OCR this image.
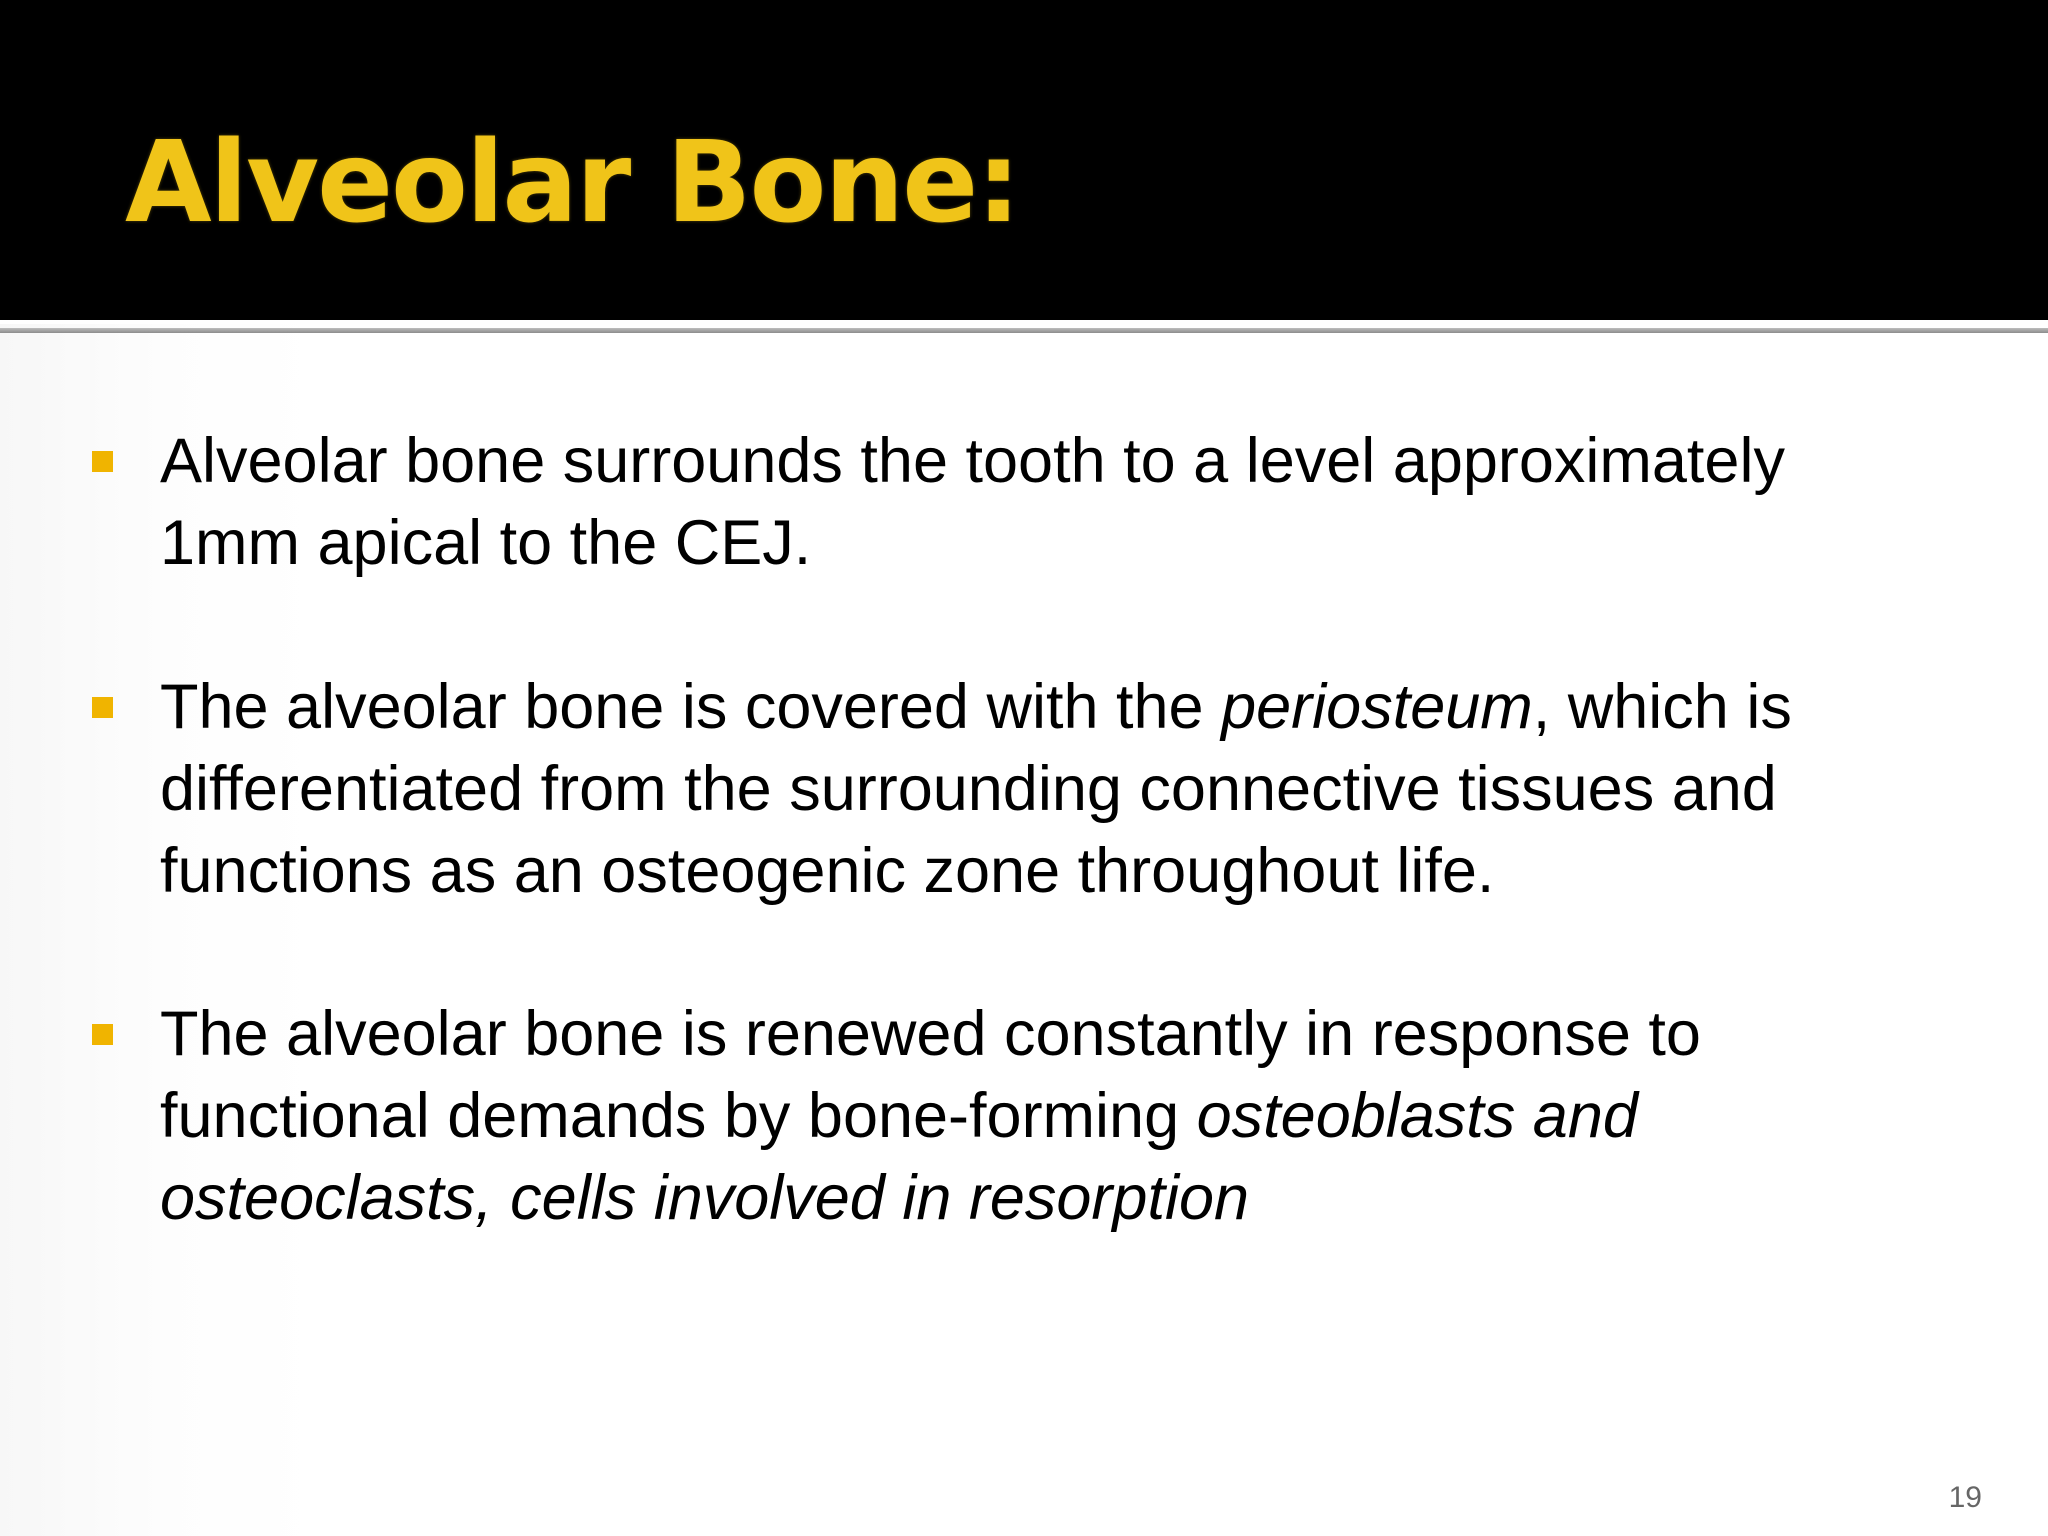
Alveolar Bone:
Alveolar bone surrounds the tooth to a level approximately
1mm apical to the CEJ.
The alveolar bone is covered with the periosteum, which is
differentiated from the surrounding connective tissues and
functions as an osteogenic zone throughout life.
The alveolar bone is renewed constantly in response to
functional demands by bone-forming osteoblasts and
osteoclasts, cells involved in resorption
19
